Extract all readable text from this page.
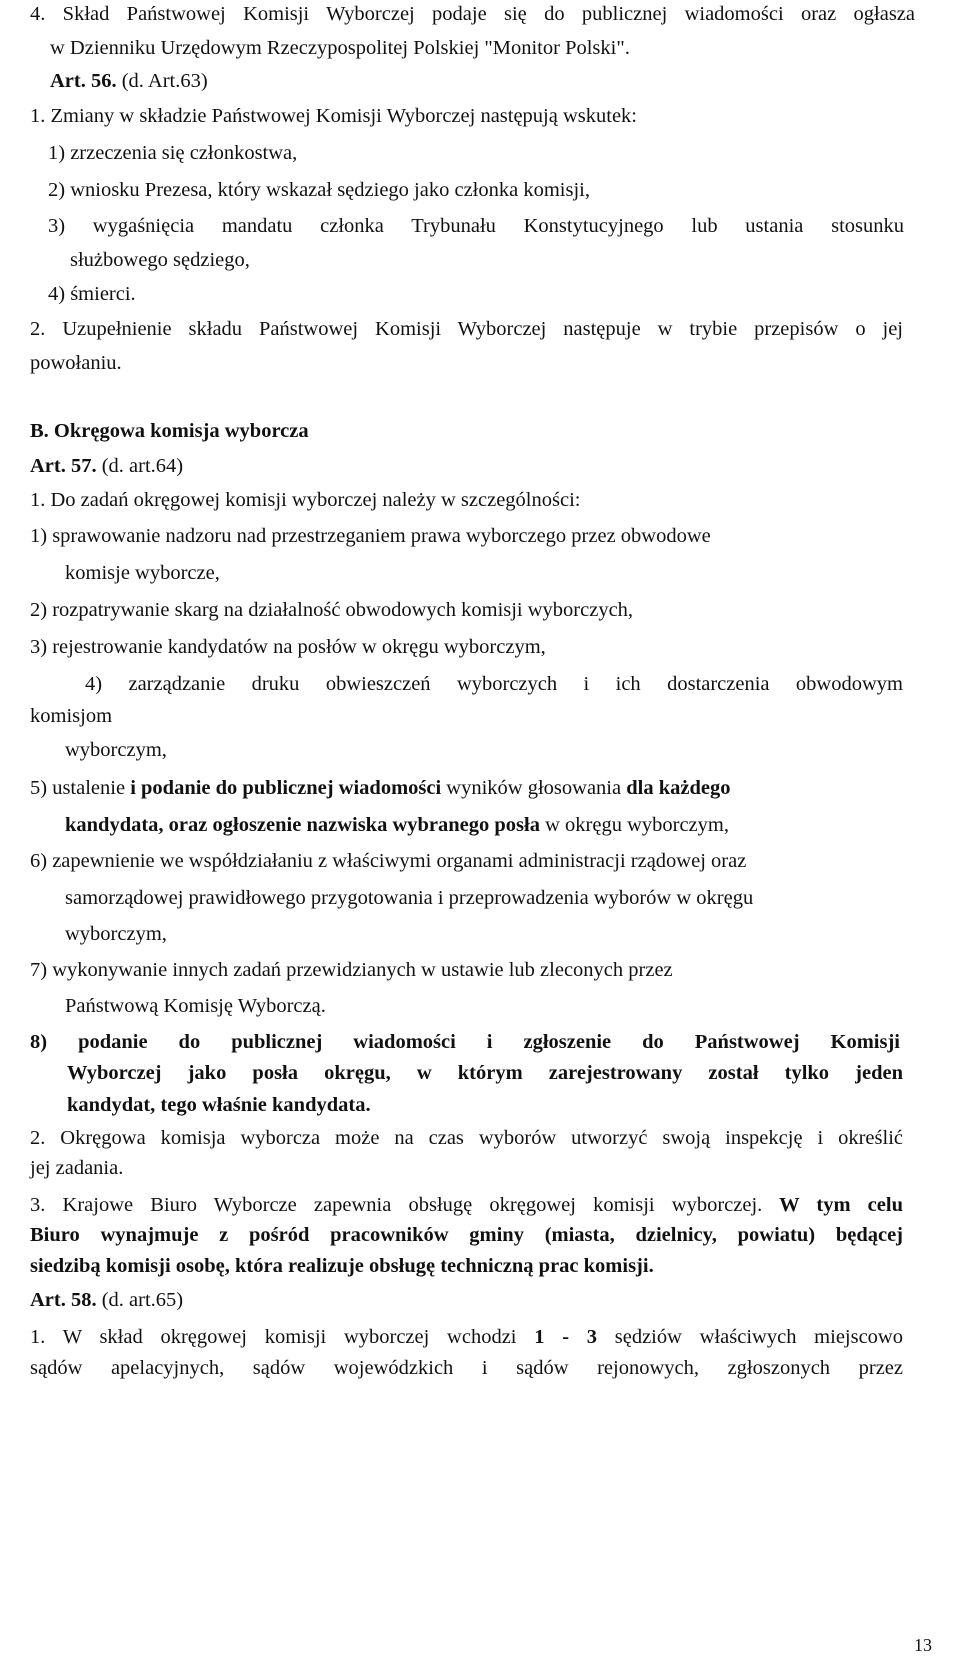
4. Skład Państwowej Komisji Wyborczej podaje się do publicznej wiadomości oraz ogłasza
w Dzienniku Urzędowym Rzeczypospolitej Polskiej "Monitor Polski".
Art. 56. (d. Art.63)
1. Zmiany w składzie Państwowej Komisji Wyborczej następują wskutek:
1) zrzeczenia się członkostwa,
2) wniosku Prezesa, który wskazał sędziego jako członka komisji,
3) wygaśnięcia mandatu członka Trybunału Konstytucyjnego lub ustania stosunku
służbowego sędziego,
4) śmierci.
2. Uzupełnienie składu Państwowej Komisji Wyborczej następuje w trybie przepisów o jej
powołaniu.
B. Okręgowa komisja wyborcza
Art. 57. (d. art.64)
1. Do zadań okręgowej komisji wyborczej należy w szczególności:
1) sprawowanie nadzoru nad przestrzeganiem prawa wyborczego przez obwodowe
komisje wyborcze,
2) rozpatrywanie skarg na działalność obwodowych komisji wyborczych,
3) rejestrowanie kandydatów na posłów w okręgu wyborczym,
4) zarządzanie druku obwieszczeń wyborczych i ich dostarczenia obwodowym
komisjom
wyborczym,
5) ustalenie i podanie do publicznej wiadomości wyników głosowania dla każdego
kandydata, oraz ogłoszenie nazwiska wybranego posła w okręgu wyborczym,
6) zapewnienie we współdziałaniu z właściwymi organami administracji rządowej oraz
samorządowej prawidłowego przygotowania i przeprowadzenia wyborów w okręgu
wyborczym,
7) wykonywanie innych zadań przewidzianych w ustawie lub zleconych przez
Państwową Komisję Wyborczą.
8) podanie do publicznej wiadomości i zgłoszenie do Państwowej Komisji
Wyborczej jako posła okręgu, w którym zarejestrowany został tylko jeden
kandydat, tego właśnie kandydata.
2. Okręgowa komisja wyborcza może na czas wyborów utworzyć swoją inspekcję i określić
jej zadania.
3. Krajowe Biuro Wyborcze zapewnia obsługę okręgowej komisji wyborczej. W tym celu
Biuro wynajmuje z pośród pracowników gminy (miasta, dzielnicy, powiatu) będącej
siedzibą komisji osobę, która realizuje obsługę techniczną prac komisji.
Art. 58. (d. art.65)
1. W skład okręgowej komisji wyborczej wchodzi 1 - 3 sędziów właściwych miejscowo
sądów apelacyjnych, sądów wojewódzkich i sądów rejonowych, zgłoszonych przez
13
